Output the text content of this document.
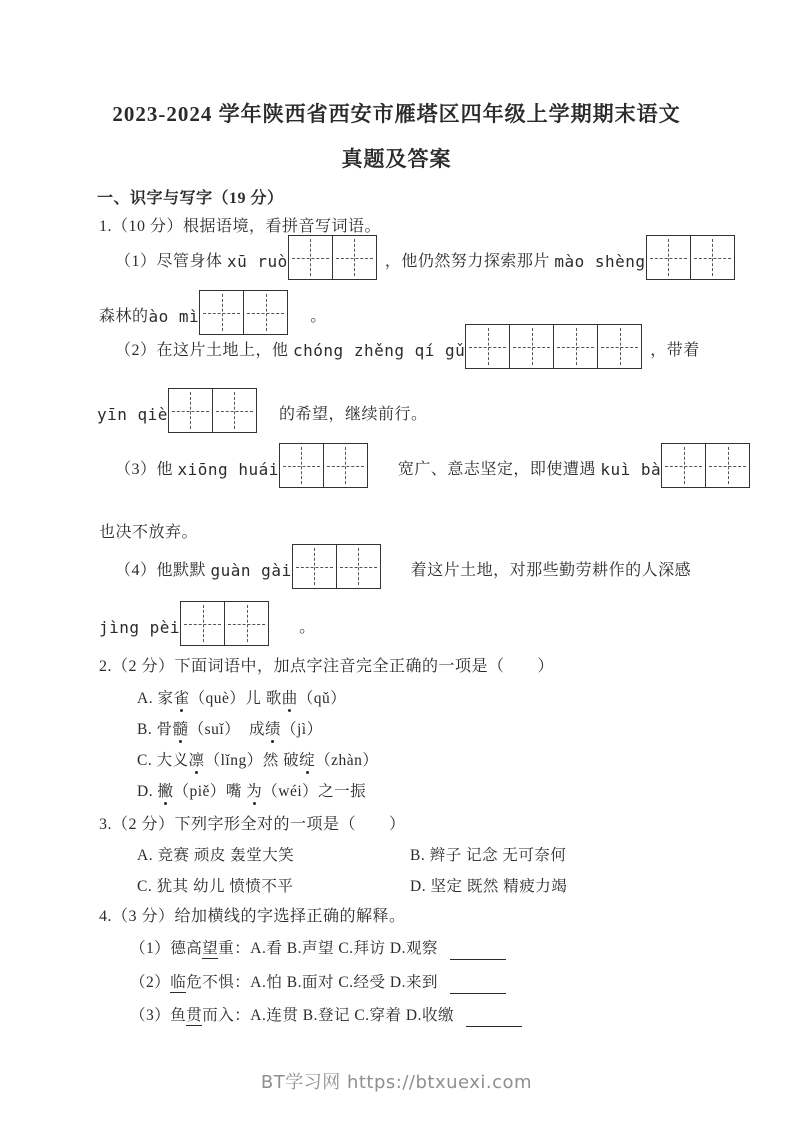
2023-2024 学年陕西省西安市雁塔区四年级上学期期末语文
真题及答案
一、识字与写字（19 分）
1.（10 分）根据语境，看拼音写词语。
（1）尽管身体 xū ruò	，他仍然努力探索那片 mào shèng
森林的 ào mì	。
（2）在这片土地上，他 chóng zhěng qí gǔ	，带着
yīn qiè	的希望，继续前行。
（3）他 xiōng huái	宽广、意志坚定，即使遭遇 kuì bà
也决不放弃。
（4）他默默 guàn gài	着这片土地，对那些勤劳耕作的人深感
jìng pèi	。
2.（2 分）下面词语中，加点字注音完全正确的一项是（　　）
A. 家雀（què）儿 歌曲（qǔ）
B. 骨髓（suǐ）  成绩（jì）
C. 大义凛（lǐng）然 破绽（zhàn）
D. 撇（piě）嘴 为（wéi）之一振
3.（2 分）下列字形全对的一项是（　　）
A. 竞赛 顽皮 轰堂大笑	B. 辫子 记念 无可奈何
C. 犹其 幼儿 愤愤不平	D. 坚定 既然 精疲力竭
4.（3 分）给加横线的字选择正确的解释。
（1）德高望重：A.看 B.声望 C.拜访 D.观察
（2）临危不惧：A.怕 B.面对 C.经受 D.来到
（3）鱼贯而入：A.连贯 B.登记 C.穿着 D.收缴
BT学习网 https://btxuexi.com
